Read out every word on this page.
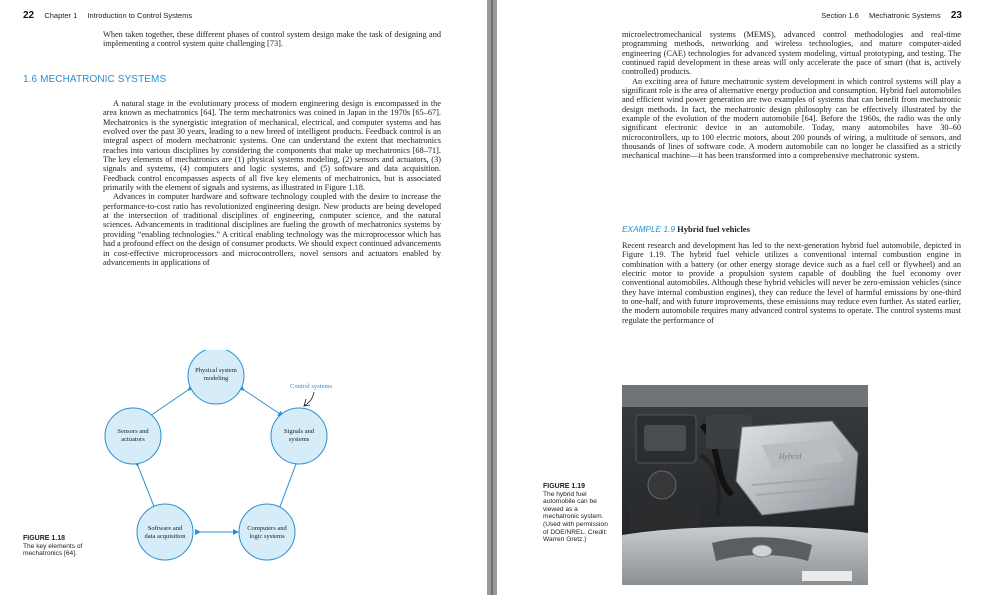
22 Chapter 1 Introduction to Control Systems

When taken together, these different phases of control system design make the task of designing and implementing a control system quite challenging [73].

1.6 MECHATRONIC SYSTEMS

A natural stage in the evolutionary process of modern engineering design is encompassed in the area known as mechatronics [64]. The term mechatronics was coined in Japan in the 1970s [65–67]. Mechatronics is the synergistic integration of mechanical, electrical, and computer systems and has evolved over the past 30 years, leading to a new breed of intelligent products. Feedback control is an integral aspect of modern mechatronic systems. One can understand the extent that mechatronics reaches into various disciplines by considering the components that make up mechatronics [68–71]. The key elements of mechatronics are (1) physical systems modeling, (2) sensors and actuators, (3) signals and systems, (4) computers and logic systems, and (5) software and data acquisition. Feedback control encompasses aspects of all five key elements of mechatronics, but is associated primarily with the element of signals and systems, as illustrated in Figure 1.18.

Advances in computer hardware and software technology coupled with the desire to increase the performance-to-cost ratio has revolutionized engineering design. New products are being developed at the intersection of traditional disciplines of engineering, computer science, and the natural sciences. Advancements in traditional disciplines are fueling the growth of mechatronics systems by providing “enabling technologies.” A critical enabling technology was the microprocessor which has had a profound effect on the design of consumer products. We should expect continued advancements in cost-effective microprocessors and microcontrollers, novel sensors and actuators enabled by advancements in applications of

Physical system
modeling
Sensors and
actuators
Signals and
systems
Software and
data acquisition
Computers and
logic systems
Control systems
FIGURE 1.18
The key elements of mechatronics [64].
Section 1.6 Mechatronic Systems 23

microelectromechanical systems (MEMS), advanced control methodologies and real-time programming methods, networking and wireless technologies, and mature computer-aided engineering (CAE) technologies for advanced system modeling, virtual prototyping, and testing. The continued rapid development in these areas will only accelerate the pace of smart (that is, actively controlled) products.

An exciting area of future mechatronic system development in which control systems will play a significant role is the area of alternative energy production and consumption. Hybrid fuel automobiles and efficient wind power generation are two examples of systems that can benefit from mechatronic design methods. In fact, the mechatronic design philosophy can be effectively illustrated by the example of the evolution of the modern automobile [64]. Before the 1960s, the radio was the only significant electronic device in an automobile. Today, many automobiles have 30–60 microcontrollers, up to 100 electric motors, about 200 pounds of wiring, a multitude of sensors, and thousands of lines of software code. A modern automobile can no longer be classified as a strictly mechanical machine—it has been transformed into a comprehensive mechatronic system.

EXAMPLE 1.9 Hybrid fuel vehicles

Recent research and development has led to the next-generation hybrid fuel automobile, depicted in Figure 1.19. The hybrid fuel vehicle utilizes a conventional internal combustion engine in combination with a battery (or other energy storage device such as a fuel cell or flywheel) and an electric motor to provide a propulsion system capable of doubling the fuel economy over conventional automobiles. Although these hybrid vehicles will never be zero-emission vehicles (since they have internal combustion engines), they can reduce the level of harmful emissions by one-third to one-half, and with future improvements, these emissions may reduce even further. As stated earlier, the modern automobile requires many advanced control systems to operate. The control systems must regulate the performance of

FIGURE 1.19
The hybrid fuel automobile can be viewed as a mechatronic system. (Used with permission of DOE/NREL. Credit: Warren Gretz.)
Hybrid
